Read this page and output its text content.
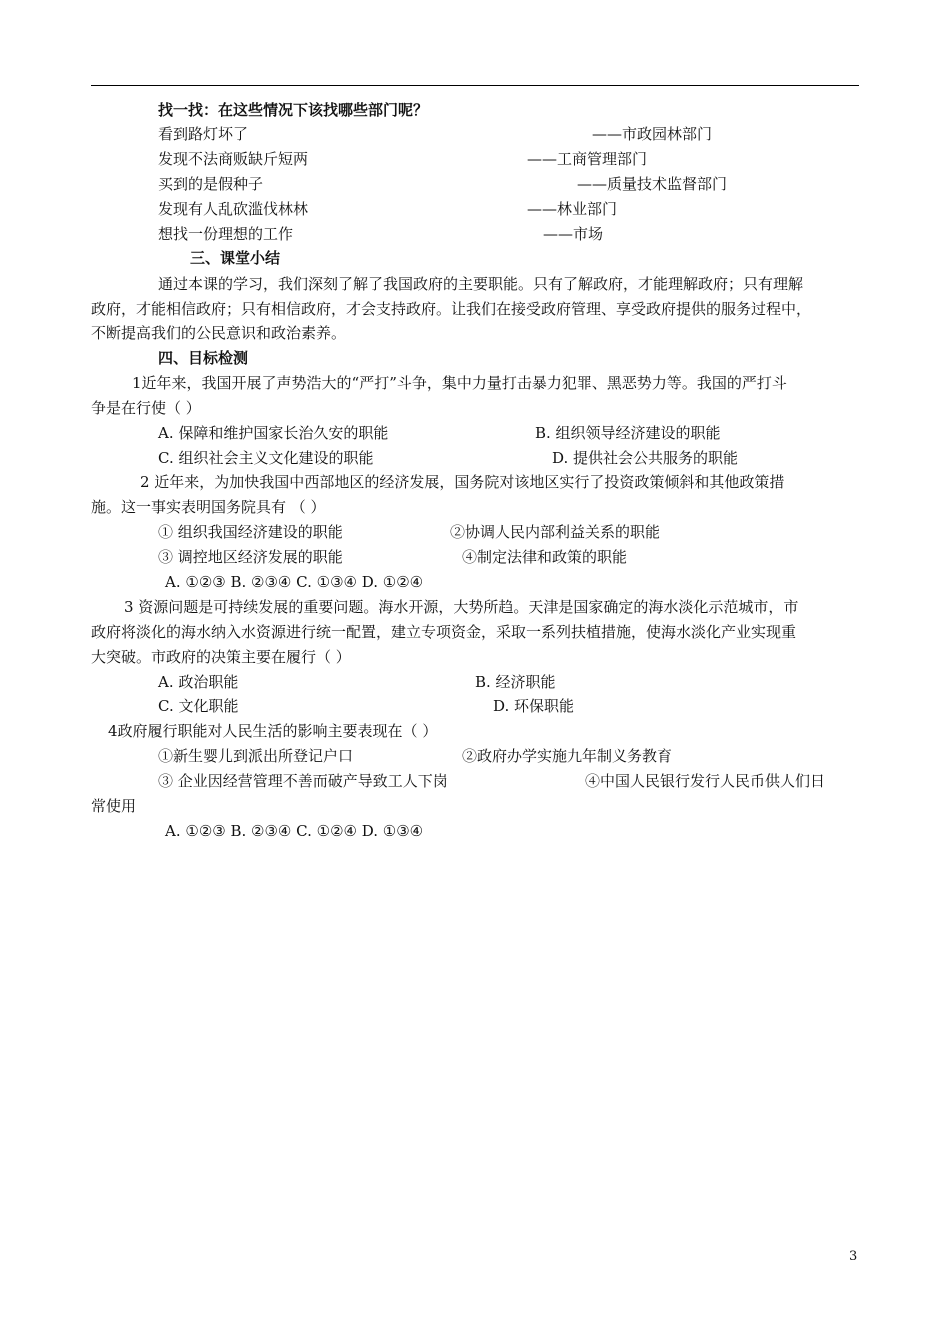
找一找：在这些情况下该找哪些部门呢？
看到路灯坏了	——市政园林部门
发现不法商贩缺斤短两	——工商管理部门
买到的是假种子	——质量技术监督部门
发现有人乱砍滥伐林林	——林业部门
想找一份理想的工作	——市场
三、课堂小结
通过本课的学习，我们深刻了解了我国政府的主要职能。只有了解政府，才能理解政府；只有理解
政府，才能相信政府；只有相信政府，才会支持政府。让我们在接受政府管理、享受政府提供的服务过程中，
不断提高我们的公民意识和政治素养。
四、目标检测
1近年来，我国开展了声势浩大的“严打”斗争，集中力量打击暴力犯罪、黑恶势力等。我国的严打斗
争是在行使（ ）
A. 保障和维护国家长治久安的职能	B. 组织领导经济建设的职能
C. 组织社会主义文化建设的职能	D. 提供社会公共服务的职能
2 近年来，为加快我国中西部地区的经济发展，国务院对该地区实行了投资政策倾斜和其他政策措
施。这一事实表明国务院具有 （ ）
① 组织我国经济建设的职能	②协调人民内部利益关系的职能
③ 调控地区经济发展的职能	④制定法律和政策的职能
A. ①②③ B. ②③④ C. ①③④ D. ①②④
3 资源问题是可持续发展的重要问题。海水开源，大势所趋。天津是国家确定的海水淡化示范城市，市
政府将淡化的海水纳入水资源进行统一配置，建立专项资金，采取一系列扶植措施，使海水淡化产业实现重
大突破。市政府的决策主要在履行（ ）
A. 政治职能	B. 经济职能
C. 文化职能	D. 环保职能
4政府履行职能对人民生活的影响主要表现在（ ）
①新生婴儿到派出所登记户口	②政府办学实施九年制义务教育
③ 企业因经营管理不善而破产导致工人下岗	④中国人民银行发行人民币供人们日
常使用
A. ①②③ B. ②③④ C. ①②④ D. ①③④
3
